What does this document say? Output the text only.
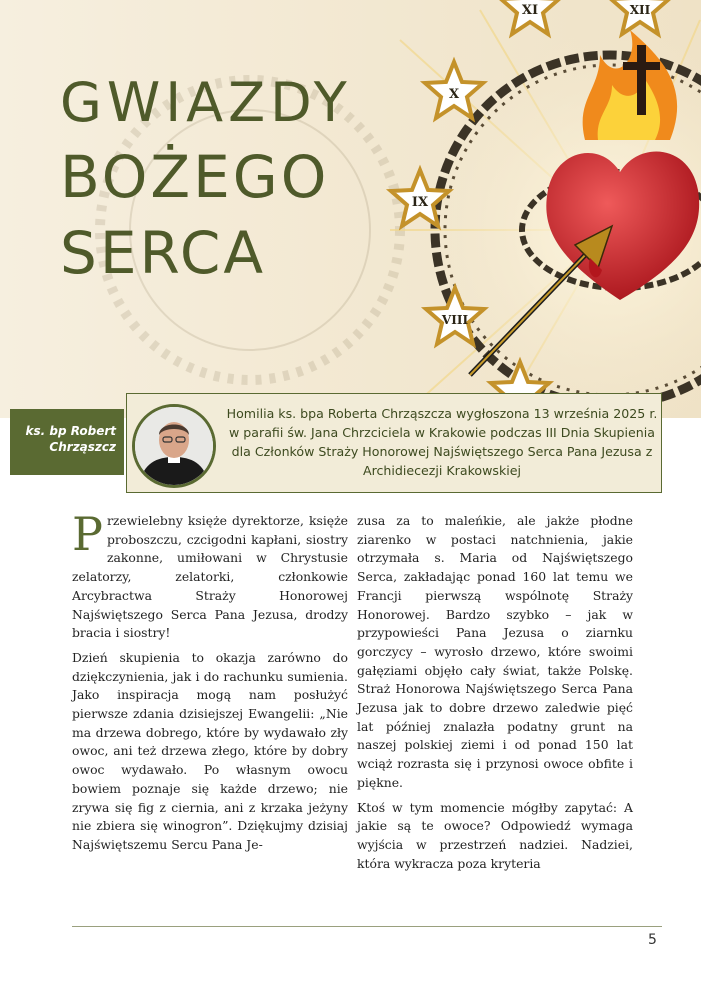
X
XI
IX
VIII
XII
GWIAZDY
BOŻEGO
SERCA
ks. bp Robert
Chrząszcz

Homilia ks. bpa Roberta Chrząszcza wygłoszona 13 września 2025 r. w parafii św. Jana Chrzciciela w Krakowie podczas III Dnia Skupienia dla Członków Straży Honorowej Najświętszego Serca Pana Jezusa z Archidiecezji Krakowskiej

Przewielebny księże dyrektorze, księże proboszczu, czcigodni kapłani, siostry zakonne, umiłowani w Chrystusie zelatorzy, zelatorki, członkowie Arcybractwa Straży Honorowej Najświętszego Serca Pana Jezusa, drodzy bracia i siostry!

Dzień skupienia to okazja zarówno do dziękczynienia, jak i do rachunku sumienia. Jako inspiracja mogą nam posłużyć pierwsze zdania dzisiejszej Ewangelii: „Nie ma drzewa dobrego, które by wydawało zły owoc, ani też drzewa złego, które by dobry owoc wydawało. Po własnym owocu bowiem poznaje się każde drzewo; nie zrywa się fig z ciernia, ani z krzaka jeżyny nie zbiera się winogron”. Dziękujmy dzisiaj Najświętszemu Sercu Pana Je-

zusa za to maleńkie, ale jakże płodne ziarenko w postaci natchnienia, jakie otrzymała s. Maria od Najświętszego Serca, zakładając ponad 160 lat temu we Francji pierwszą wspólnotę Straży Honorowej. Bardzo szybko – jak w przypowieści Pana Jezusa o ziarnku gorczycy – wyrosło drzewo, które swoimi gałęziami objęło cały świat, także Polskę. Straż Honorowa Najświętszego Serca Pana Jezusa jak to dobre drzewo zaledwie pięć lat później znalazła podatny grunt na naszej polskiej ziemi i od ponad 150 lat wciąż rozrasta się i przynosi owoce obfite i piękne.

Ktoś w tym momencie mógłby zapytać: A jakie są te owoce? Odpowiedź wymaga wyjścia w przestrzeń nadziei. Nadziei, która wykracza poza kryteria

5
